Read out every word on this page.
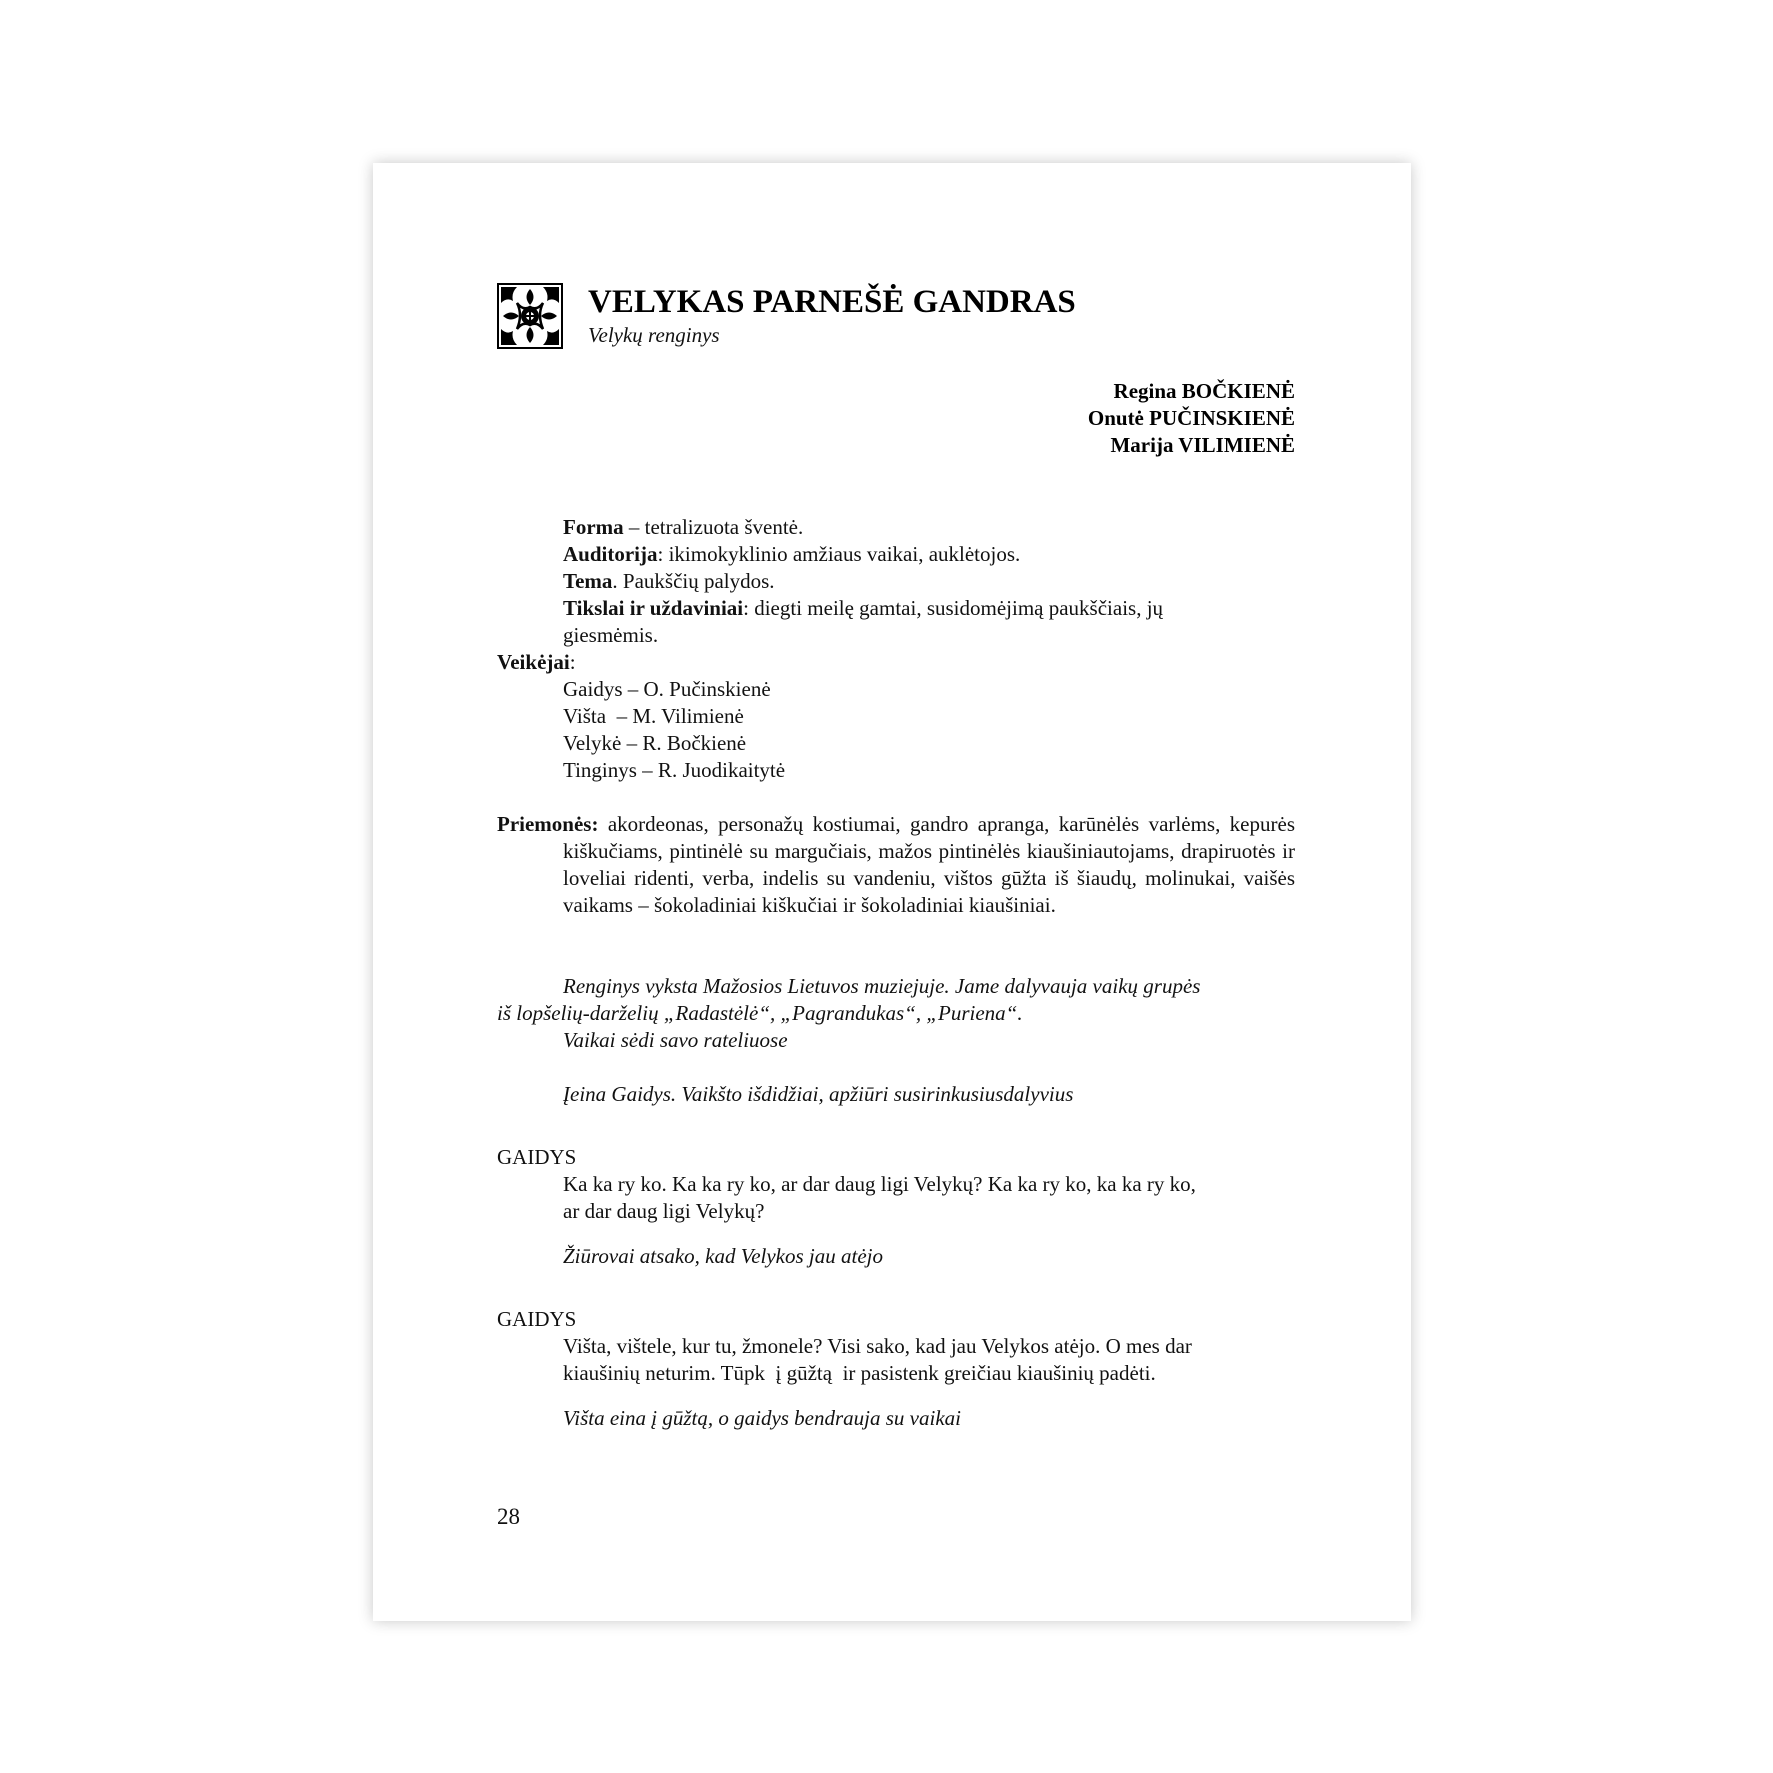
VELYKAS PARNEŠĖ GANDRAS
Velykų renginys
Regina BOČKIENĖ
Onutė PUČINSKIENĖ
Marija VILIMIENĖ

Forma – tetralizuota šventė.

Auditorija: ikimokyklinio amžiaus vaikai, auklėtojos.

Tema. Paukščių palydos.

Tikslai ir uždaviniai: diegti meilę gamtai, susidomėjimą paukščiais, jų

giesmėmis.

Veikėjai:

Gaidys – O. Pučinskienė

Višta  – M. Vilimienė

Velykė – R. Bočkienė

Tinginys – R. Juodikaitytė

Priemonės: akordeonas, personažų kostiumai, gandro apranga, karūnėlės varlėms, kepurės kiškučiams, pintinėlė su margučiais, mažos pintinėlės kiaušiniautojams, drapiruotės ir loveliai ridenti, verba, indelis su vandeniu, vištos gūžta iš šiaudų, molinukai, vaišės vaikams – šokoladiniai kiškučiai ir šokoladiniai kiaušiniai.

Renginys vyksta Mažosios Lietuvos muziejuje. Jame dalyvauja vaikų grupės

iš lopšelių-darželių „Radastėlė“, „Pagrandukas“, „Puriena“.

Vaikai sėdi savo rateliuose

Įeina Gaidys. Vaikšto išdidžiai, apžiūri susirinkusiusdalyvius

GAIDYS

Ka ka ry ko. Ka ka ry ko, ar dar daug ligi Velykų? Ka ka ry ko, ka ka ry ko,

ar dar daug ligi Velykų?

Žiūrovai atsako, kad Velykos jau atėjo

GAIDYS

Višta, vištele, kur tu, žmonele? Visi sako, kad jau Velykos atėjo. O mes dar

kiaušinių neturim. Tūpk  į gūžtą  ir pasistenk greičiau kiaušinių padėti.

Višta eina į gūžtą, o gaidys bendrauja su vaikai

28
